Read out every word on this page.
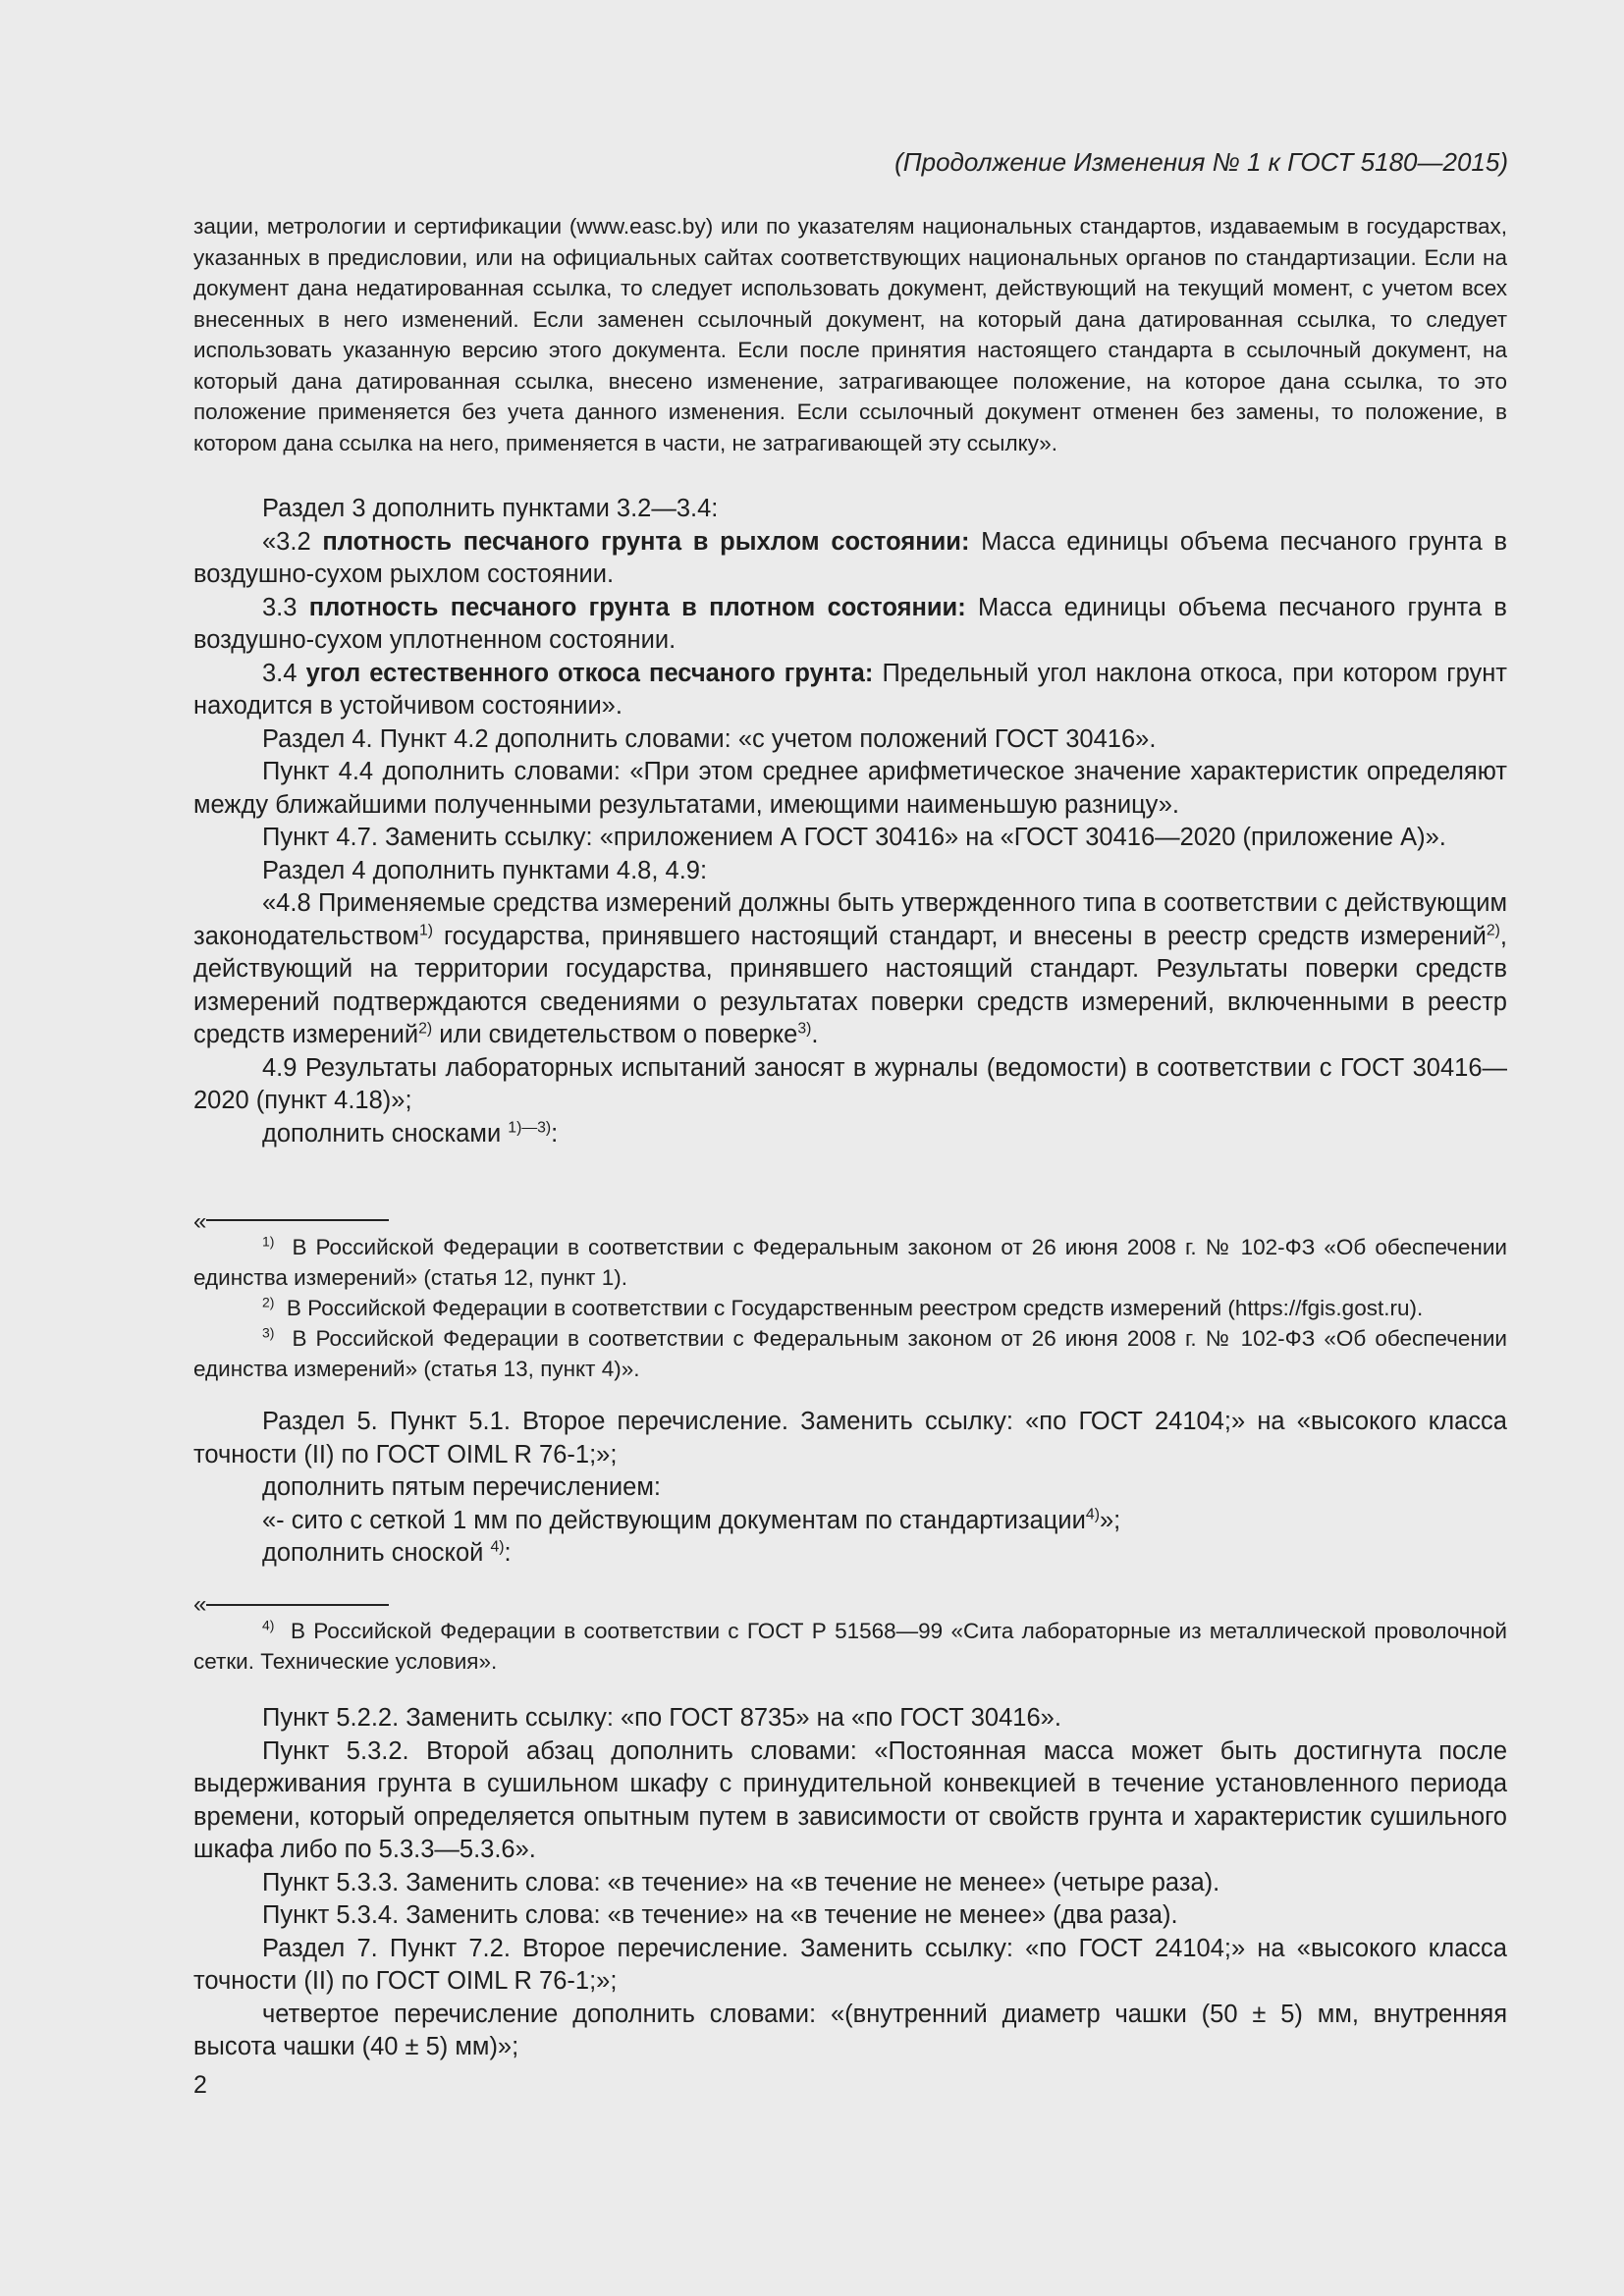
(Продолжение Изменения № 1 к ГОСТ 5180—2015)

зации, метрологии и сертификации (www.easc.by) или по указателям национальных стандартов, издаваемым в государствах, указанных в предисловии, или на официальных сайтах соответствующих национальных органов по стандартизации. Если на документ дана недатированная ссылка, то следует использовать документ, действующий на текущий момент, с учетом всех внесенных в него изменений. Если заменен ссылочный документ, на который дана датированная ссылка, то следует использовать указанную версию этого документа. Если после принятия настоящего стандарта в ссылочный документ, на который дана датированная ссылка, внесено изменение, затрагивающее положение, на которое дана ссылка, то это положение применяется без учета данного изменения. Если ссылочный документ отменен без замены, то положение, в котором дана ссылка на него, применяется в части, не затрагивающей эту ссылку».

Раздел 3 дополнить пунктами 3.2—3.4:

«3.2 плотность песчаного грунта в рыхлом состоянии: Масса единицы объема песчаного грунта в воздушно-сухом рыхлом состоянии.

3.3 плотность песчаного грунта в плотном состоянии: Масса единицы объема песчаного грунта в воздушно-сухом уплотненном состоянии.

3.4 угол естественного откоса песчаного грунта: Предельный угол наклона откоса, при котором грунт находится в устойчивом состоянии».

Раздел 4. Пункт 4.2 дополнить словами: «с учетом положений ГОСТ 30416».

Пункт 4.4 дополнить словами: «При этом среднее арифметическое значение характеристик определяют между ближайшими полученными результатами, имеющими наименьшую разницу».

Пункт 4.7. Заменить ссылку: «приложением А ГОСТ 30416» на «ГОСТ 30416—2020 (приложение А)».

Раздел 4 дополнить пунктами 4.8, 4.9:

«4.8 Применяемые средства измерений должны быть утвержденного типа в соответствии с действующим законодательством$^{1)}$ государства, принявшего настоящий стандарт, и внесены в реестр средств измерений$^{2)}$, действующий на территории государства, принявшего настоящий стандарт. Результаты поверки средств измерений подтверждаются сведениями о результатах поверки средств измерений, включенными в реестр средств измерений$^{2)}$ или свидетельством о поверке$^{3)}$.

4.9 Результаты лабораторных испытаний заносят в журналы (ведомости) в соответствии с ГОСТ 30416—2020 (пункт 4.18)»;

дополнить сносками $^{1)—3)}$:

«

$^{1)}$ В Российской Федерации в соответствии с Федеральным законом от 26 июня 2008 г. № 102-ФЗ «Об обеспечении единства измерений» (статья 12, пункт 1).

$^{2)}$ В Российской Федерации в соответствии с Государственным реестром средств измерений (https://fgis.gost.ru).

$^{3)}$ В Российской Федерации в соответствии с Федеральным законом от 26 июня 2008 г. № 102-ФЗ «Об обеспечении единства измерений» (статья 13, пункт 4)».

Раздел 5. Пункт 5.1. Второе перечисление. Заменить ссылку: «по ГОСТ 24104;» на «высокого класса точности (II) по ГОСТ OIML R 76-1;»;

дополнить пятым перечислением:

«- сито с сеткой 1 мм по действующим документам по стандартизации$^{4)}$»;

дополнить сноской $^{4)}$:

«

$^{4)}$ В Российской Федерации в соответствии с ГОСТ Р 51568—99 «Сита лабораторные из металлической проволочной сетки. Технические условия».

Пункт 5.2.2. Заменить ссылку: «по ГОСТ 8735» на «по ГОСТ 30416».

Пункт 5.3.2. Второй абзац дополнить словами: «Постоянная масса может быть достигнута после выдерживания грунта в сушильном шкафу с принудительной конвекцией в течение установленного периода времени, который определяется опытным путем в зависимости от свойств грунта и характеристик сушильного шкафа либо по 5.3.3—5.3.6».

Пункт 5.3.3. Заменить слова: «в течение» на «в течение не менее» (четыре раза).

Пункт 5.3.4. Заменить слова: «в течение» на «в течение не менее» (два раза).

Раздел 7. Пункт 7.2. Второе перечисление. Заменить ссылку: «по ГОСТ 24104;» на «высокого класса точности (II) по ГОСТ OIML R 76-1;»;

четвертое перечисление дополнить словами: «(внутренний диаметр чашки (50 ± 5) мм, внутренняя высота чашки (40 ± 5) мм)»;

2
